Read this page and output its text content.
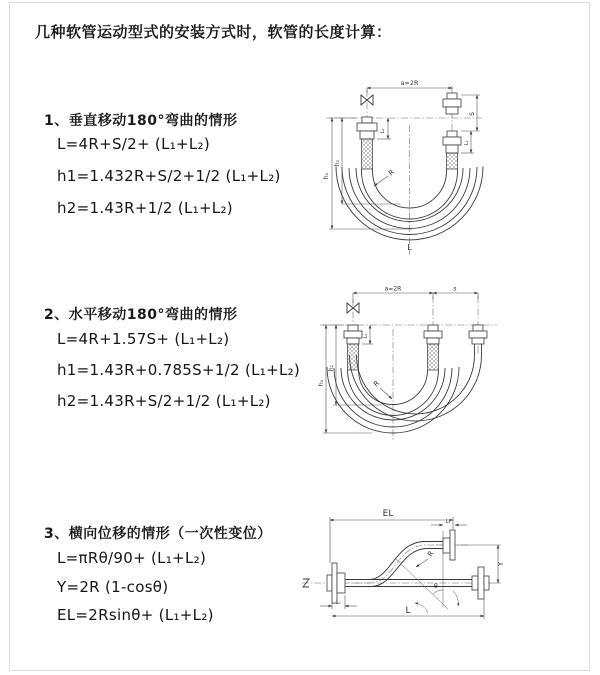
几种软管运动型式的安装方式时，软管的长度计算：
1、垂直移动180°弯曲的情形
L=4R+S/2+ (L₁+L₂)
h1=1.432R+S/2+1/2 (L₁+L₂)
h2=1.43R+1/2 (L₁+L₂)
2、水平移动180°弯曲的情形
L=4R+1.57S+ (L₁+L₂)
h1=1.43R+0.785S+1/2 (L₁+L₂)
h2=1.43R+S/2+1/2 (L₁+L₂)
3、横向位移的情形（一次性变位）
L=πRθ/90+ (L₁+L₂)
Y=2R (1-cosθ)
EL=2Rsinθ+ (L₁+L₂)
a=2R
h₁
h₂
L₁
S
L₁
R
L
a=2R	s
h₁
h₂
L₁
R
EL
L₁
Y
θ
R
L₁
L
